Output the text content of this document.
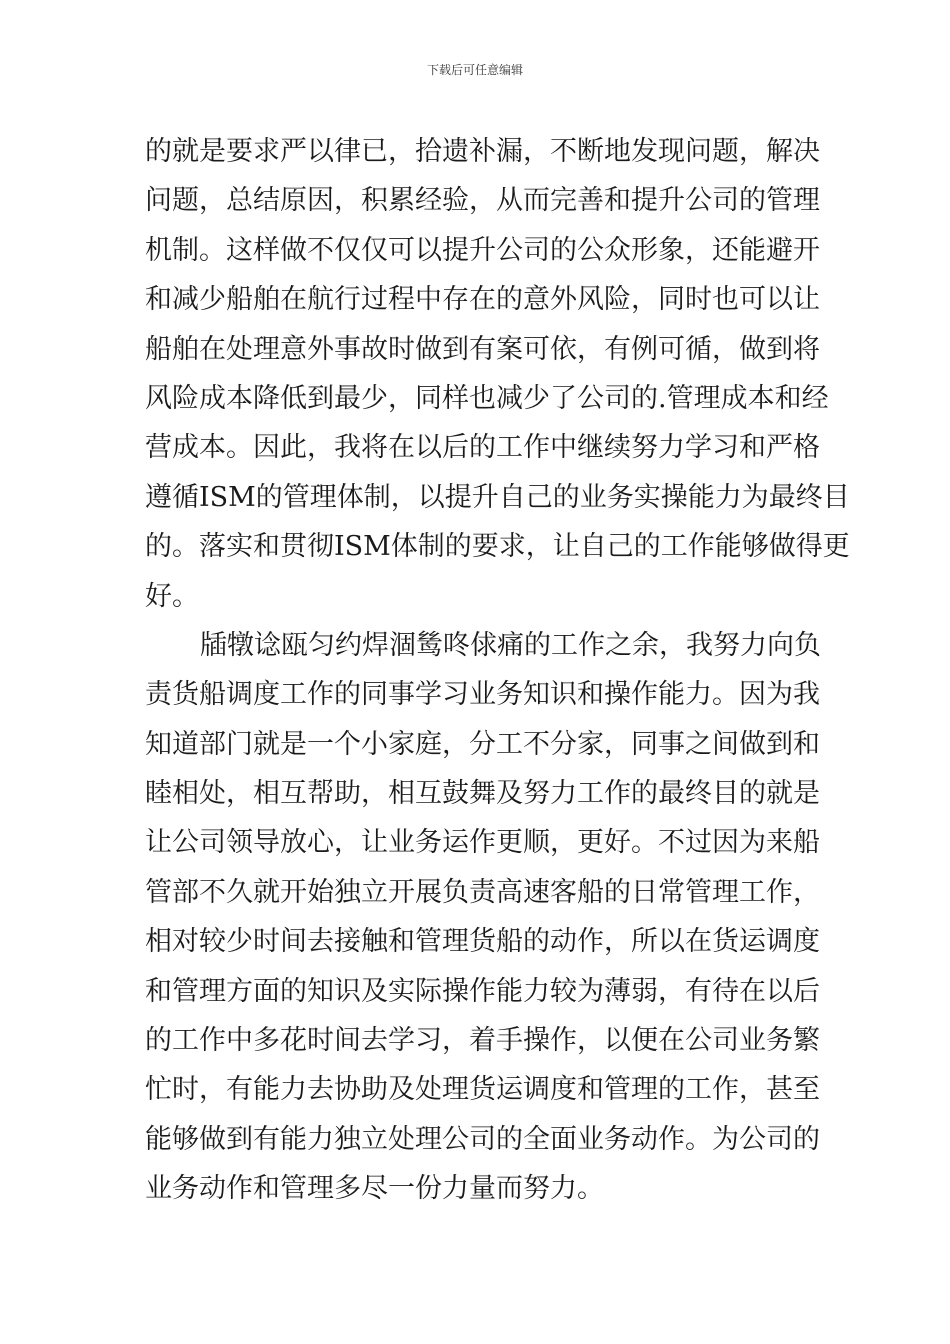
下载后可任意编辑
的就是要求严以律已，拾遗补漏，不断地发现问题，解决
问题，总结原因，积累经验，从而完善和提升公司的管理
机制。这样做不仅仅可以提升公司的公众形象，还能避开
和减少船舶在航行过程中存在的意外风险，同时也可以让
船舶在处理意外事故时做到有案可依，有例可循，做到将
风险成本降低到最少，同样也减少了公司的.管理成本和经
营成本。因此，我将在以后的工作中继续努力学习和严格
遵循ISM的管理体制，以提升自己的业务实操能力为最终目
的。落实和贯彻ISM体制的要求，让自己的工作能够做得更
好。
牐犜谂瓯匀约焊涸鸶咚俅痛的工作之余，我努力向负
责货船调度工作的同事学习业务知识和操作能力。因为我
知道部门就是一个小家庭，分工不分家，同事之间做到和
睦相处，相互帮助，相互鼓舞及努力工作的最终目的就是
让公司领导放心，让业务运作更顺，更好。不过因为来船
管部不久就开始独立开展负责高速客船的日常管理工作，
相对较少时间去接触和管理货船的动作，所以在货运调度
和管理方面的知识及实际操作能力较为薄弱，有待在以后
的工作中多花时间去学习，着手操作，以便在公司业务繁
忙时，有能力去协助及处理货运调度和管理的工作，甚至
能够做到有能力独立处理公司的全面业务动作。为公司的
业务动作和管理多尽一份力量而努力。
